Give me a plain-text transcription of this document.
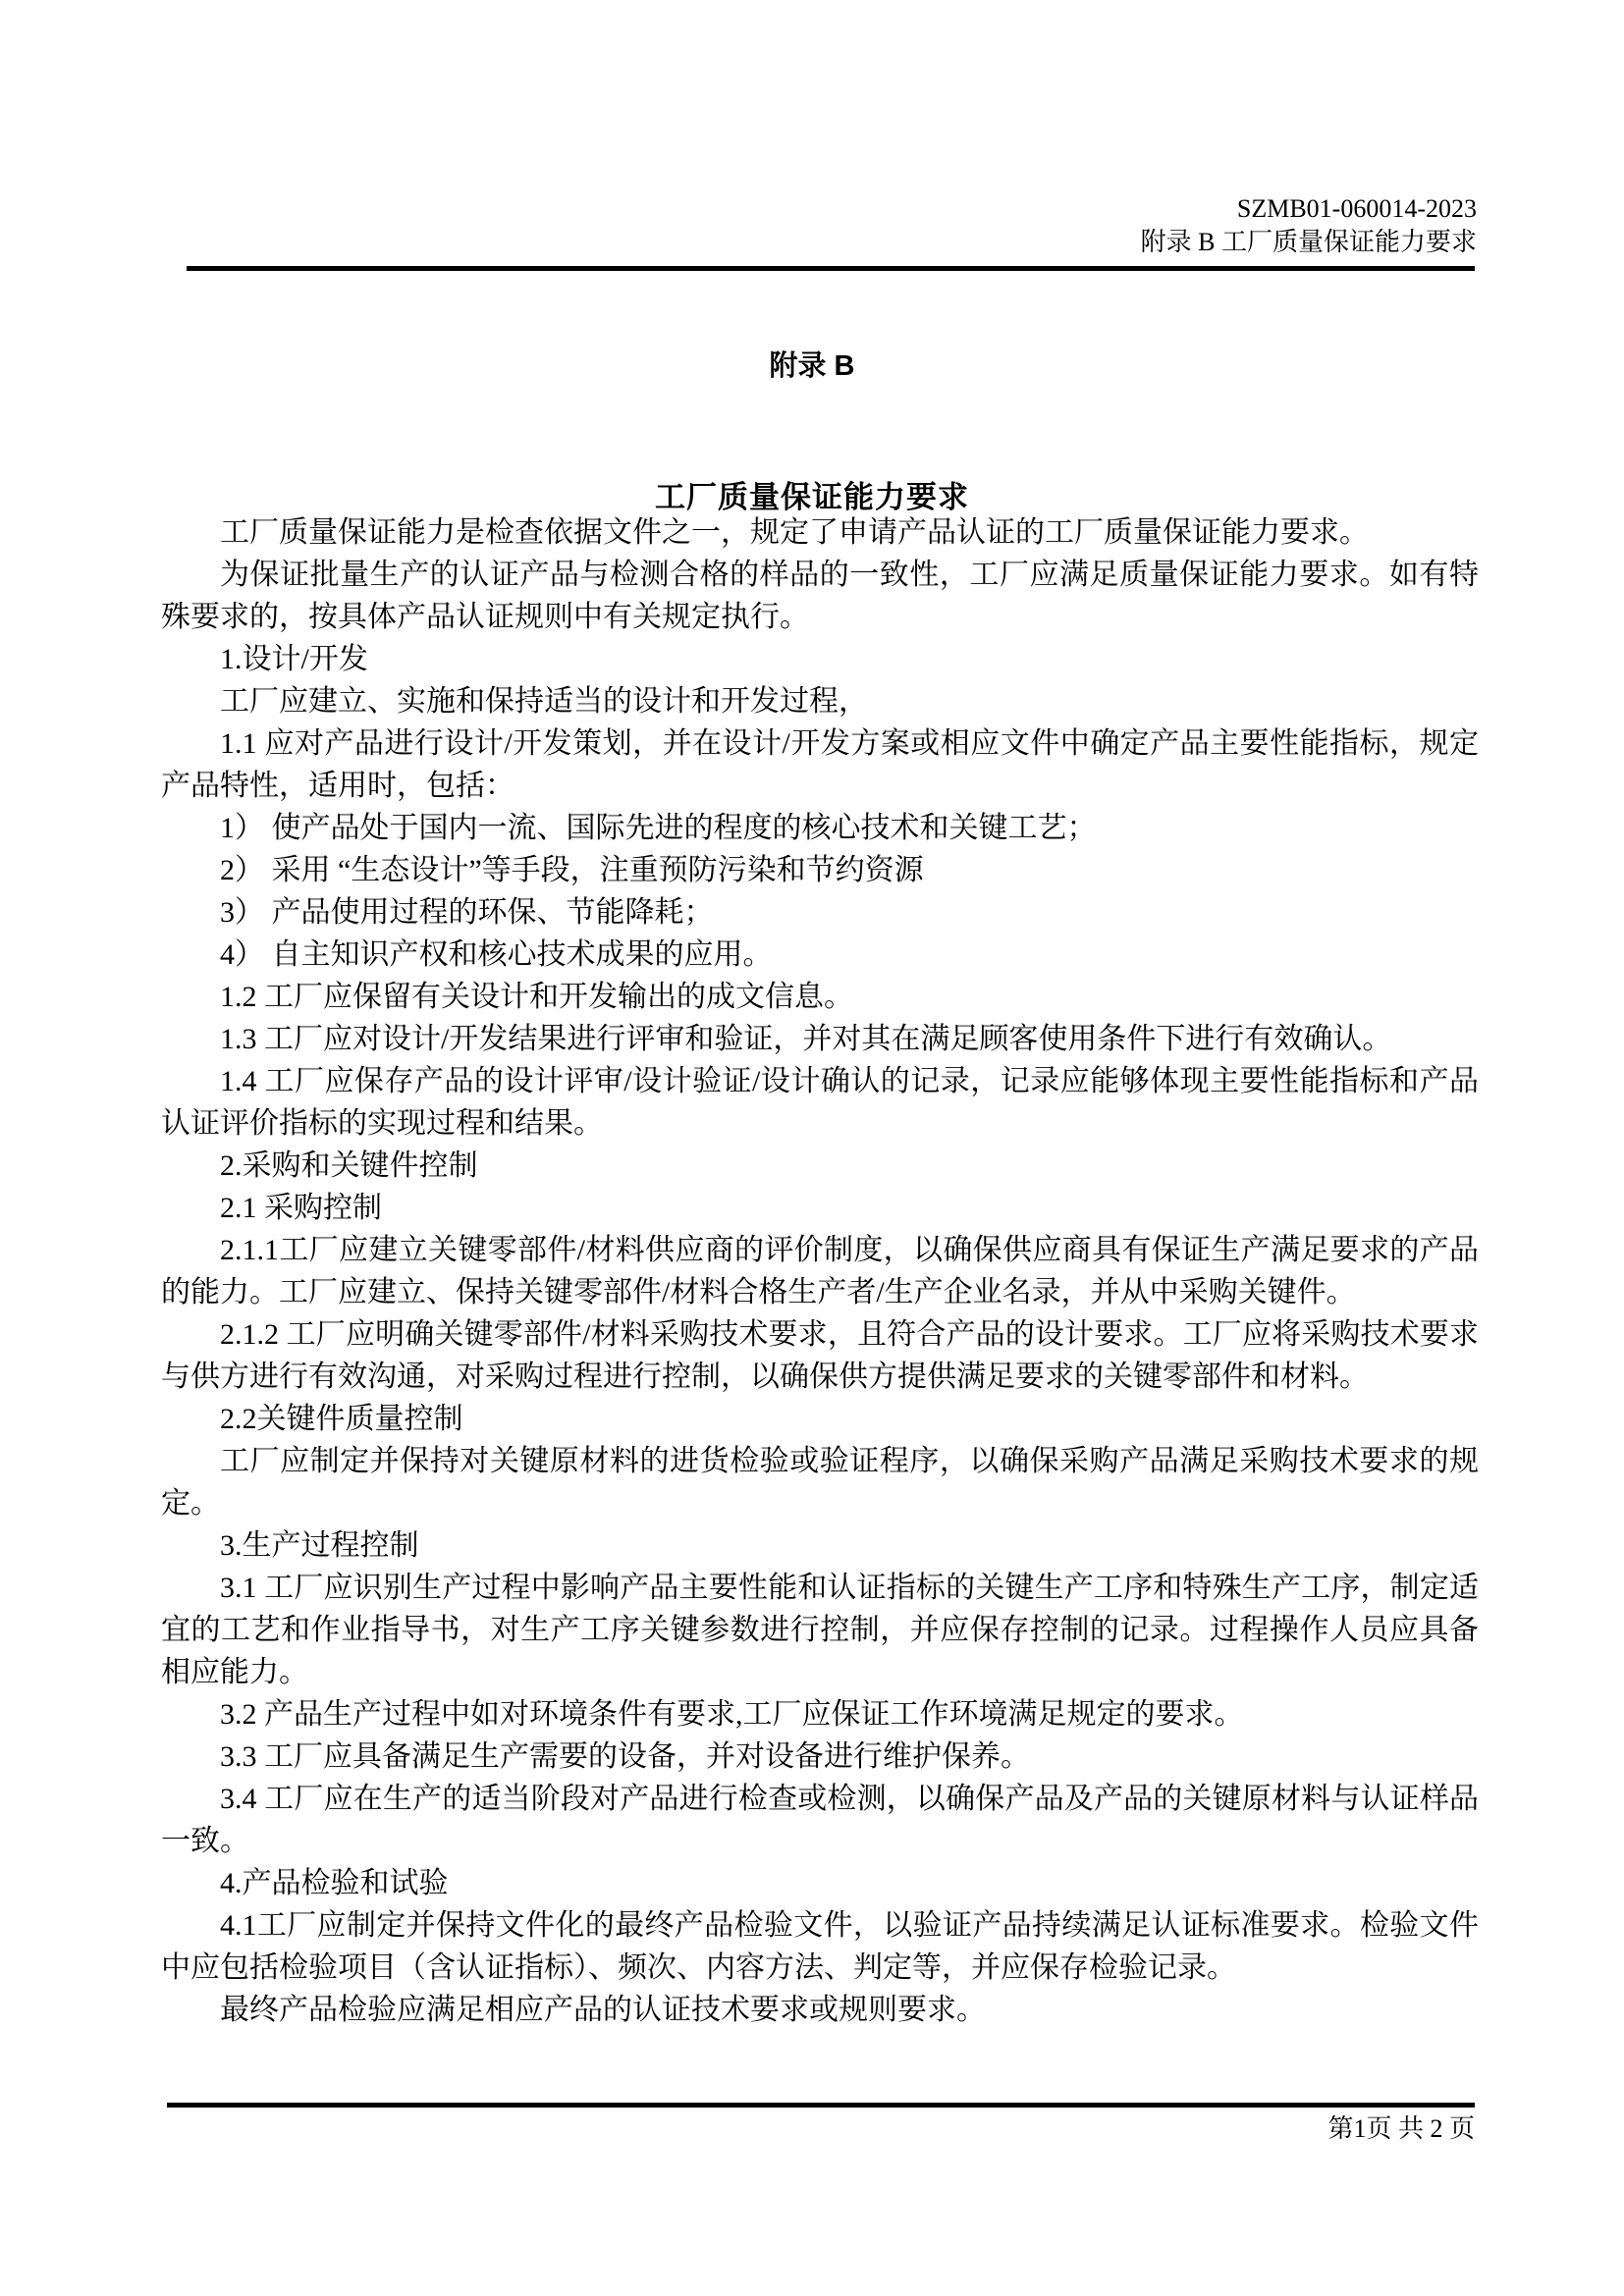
SZMB01-060014-2023
附录 B 工厂质量保证能力要求
附录 B
工厂质量保证能力要求

工厂质量保证能力是检查依据文件之一，规定了申请产品认证的工厂质量保证能力要求。

为保证批量生产的认证产品与检测合格的样品的一致性，工厂应满足质量保证能力要求。如有特殊要求的，按具体产品认证规则中有关规定执行。

1.设计/开发

工厂应建立、实施和保持适当的设计和开发过程，

1.1 应对产品进行设计/开发策划，并在设计/开发方案或相应文件中确定产品主要性能指标，规定产品特性，适用时，包括：

1） 使产品处于国内一流、国际先进的程度的核心技术和关键工艺；

2） 采用 “生态设计”等手段，注重预防污染和节约资源

3） 产品使用过程的环保、节能降耗；

4） 自主知识产权和核心技术成果的应用。

1.2 工厂应保留有关设计和开发输出的成文信息。

1.3 工厂应对设计/开发结果进行评审和验证，并对其在满足顾客使用条件下进行有效确认。

1.4 工厂应保存产品的设计评审/设计验证/设计确认的记录，记录应能够体现主要性能指标和产品认证评价指标的实现过程和结果。

2.采购和关键件控制

2.1 采购控制

2.1.1工厂应建立关键零部件/材料供应商的评价制度，以确保供应商具有保证生产满足要求的产品的能力。工厂应建立、保持关键零部件/材料合格生产者/生产企业名录，并从中采购关键件。

2.1.2 工厂应明确关键零部件/材料采购技术要求，且符合产品的设计要求。工厂应将采购技术要求与供方进行有效沟通，对采购过程进行控制，以确保供方提供满足要求的关键零部件和材料。

2.2关键件质量控制

工厂应制定并保持对关键原材料的进货检验或验证程序，以确保采购产品满足采购技术要求的规定。

3.生产过程控制

3.1 工厂应识别生产过程中影响产品主要性能和认证指标的关键生产工序和特殊生产工序，制定适宜的工艺和作业指导书，对生产工序关键参数进行控制，并应保存控制的记录。过程操作人员应具备相应能力。

3.2 产品生产过程中如对环境条件有要求,工厂应保证工作环境满足规定的要求。

3.3 工厂应具备满足生产需要的设备，并对设备进行维护保养。

3.4 工厂应在生产的适当阶段对产品进行检查或检测，以确保产品及产品的关键原材料与认证样品一致。

4.产品检验和试验

4.1工厂应制定并保持文件化的最终产品检验文件，以验证产品持续满足认证标准要求。检验文件中应包括检验项目（含认证指标）、频次、内容方法、判定等，并应保存检验记录。

最终产品检验应满足相应产品的认证技术要求或规则要求。

第1页 共 2 页
